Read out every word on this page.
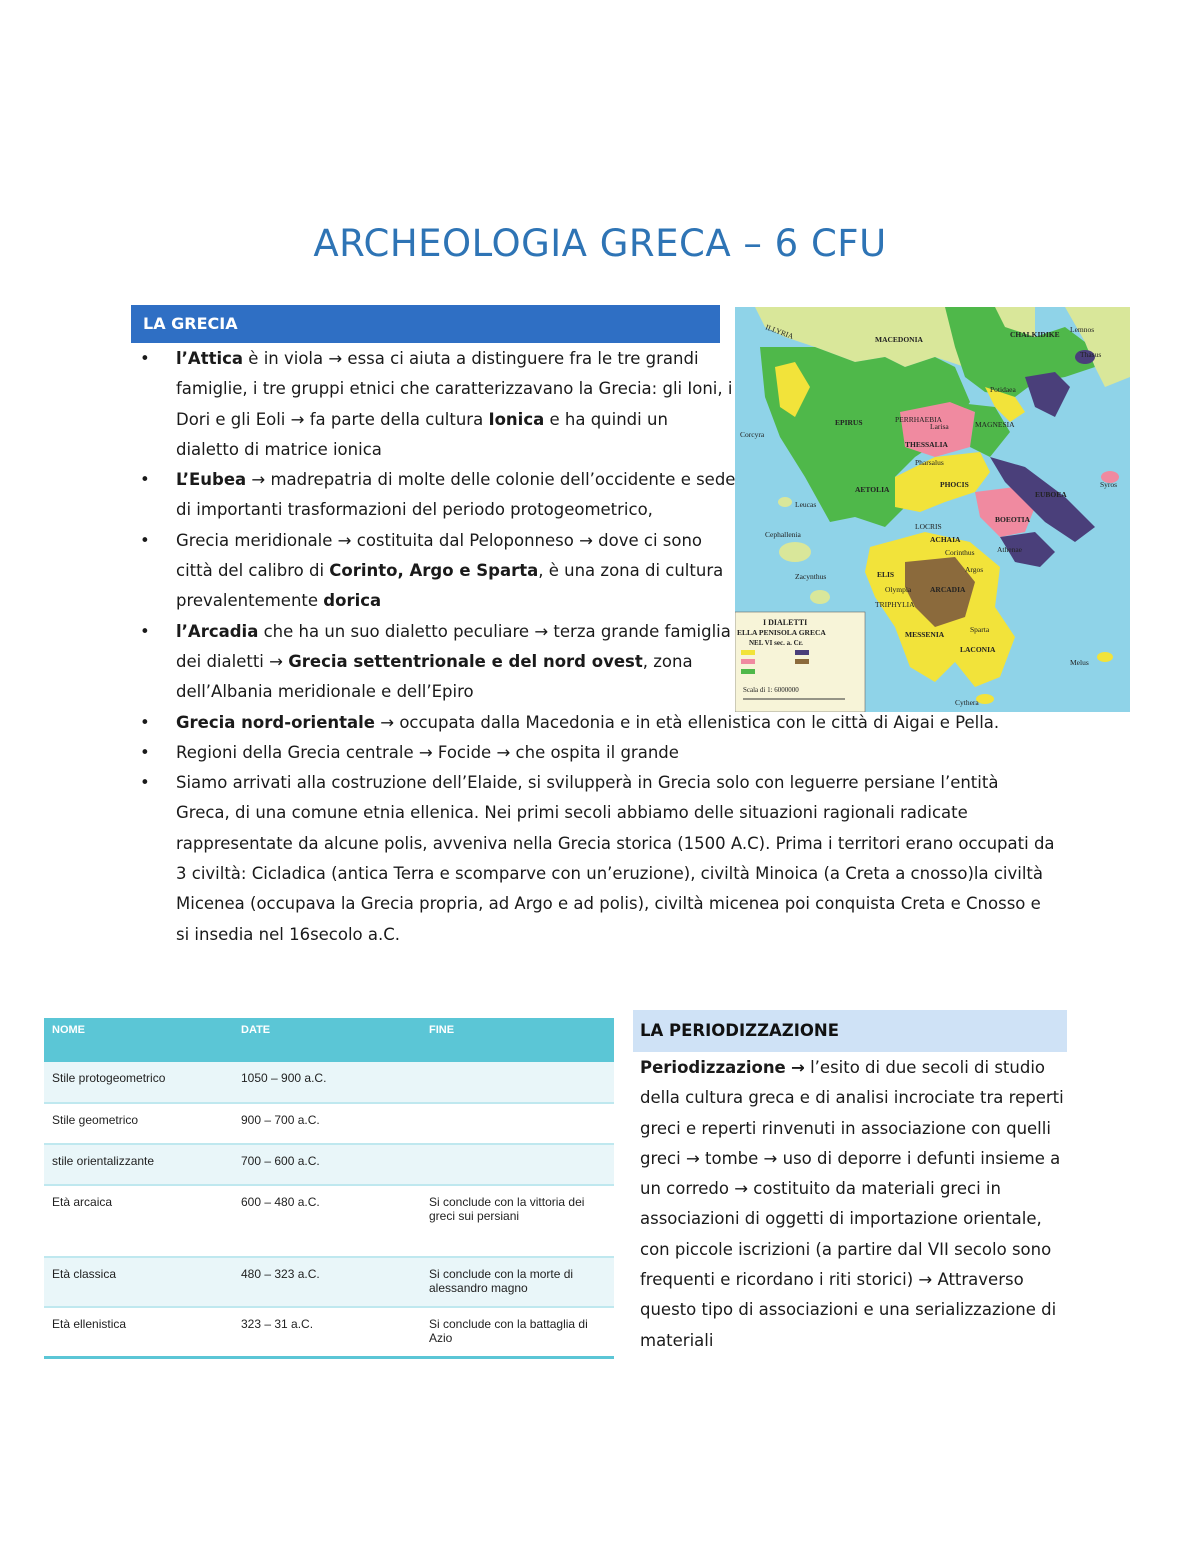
ARCHEOLOGIA GRECA – 6 CFU
LA GRECIA
• l’Attica è in viola → essa ci aiuta a distinguere fra le tre grandi famiglie, i tre gruppi etnici che caratterizzavano la Grecia: gli Ioni, i Dori e gli Eoli → fa parte della cultura Ionica e ha quindi un dialetto di matrice ionica
• L’Eubea → madrepatria di molte delle colonie dell’occidente e sede di importanti trasformazioni del periodo protogeometrico,
• Grecia meridionale → costituita dal Peloponneso → dove ci sono città del calibro di Corinto, Argo e Sparta, è una zona di cultura prevalentemente dorica
• l’Arcadia che ha un suo dialetto peculiare → terza grande famiglia dei dialetti → Grecia settentrionale e del nord ovest, zona dell’Albania meridionale e dell’Epiro
• Grecia nord-orientale → occupata dalla Macedonia e in età ellenistica con le città di Aigai e Pella.
• Regioni della Grecia centrale → Focide → che ospita il grande
• Siamo arrivati alla costruzione dell’Elaide, si svilupperà in Grecia solo con leguerre persiane l’entità Greca, di una comune etnia ellenica. Nei primi secoli abbiamo delle situazioni ragionali radicate rappresentate da alcune polis, avveniva nella Grecia storica (1500 A.C). Prima i territori erano occupati da 3 civiltà: Cicladica (antica Terra e scomparve con un’eruzione), civiltà Minoica (a Creta a cnosso)la civiltà Micenea (occupava la Grecia propria, ad Argo e ad polis), civiltà micenea poi conquista Creta e Cnosso e si insedia nel 16secolo a.C.
I DIALETTI
ELLA PENISOLA GRECA
NEL VI sec. a. Cr.
Scala di 1: 6000000
ILLYRIA	MACEDONIA
CHALKIDIKE
Thasus
EPIRUS
THESSALIA
Corcyra
Leucas
AETOLIA
PHOCIS
ACHAIA
BOEOTIA
EUBOEA
Cephallenia
Zacynthus	ELIS
ARCADIA
TRIPHYLIA
MESSENIA
LACONIA
Cythera
Melus
Syros
Lemnos
Potidaea
PERRHAEBIA
MAGNESIA
LOCRIS
Larisa
Pharsalus
Sparta
Argos
Corinthus	Athenae
Olympia
NOME	DATE	FINE
Stile protogeometrico	1050 – 900 a.C.	
Stile geometrico	900 – 700 a.C.	
stile orientalizzante	700 – 600 a.C.	
Età arcaica	600 – 480 a.C.	Si conclude con la vittoria dei greci sui persiani
Età classica	480 – 323 a.C.	Si conclude con la morte di alessandro magno
Età ellenistica	323 – 31 a.C.	Si conclude con la battaglia di Azio
LA PERIODIZZAZIONE
Periodizzazione → l’esito di due secoli di studio della cultura greca e di analisi incrociate tra reperti greci e reperti rinvenuti in associazione con quelli greci → tombe → uso di deporre i defunti insieme a un corredo → costituito da materiali greci in associazioni di oggetti di importazione orientale, con piccole iscrizioni (a partire dal VII secolo sono frequenti e ricordano i riti storici) → Attraverso questo tipo di associazioni e una serializzazione di materiali
